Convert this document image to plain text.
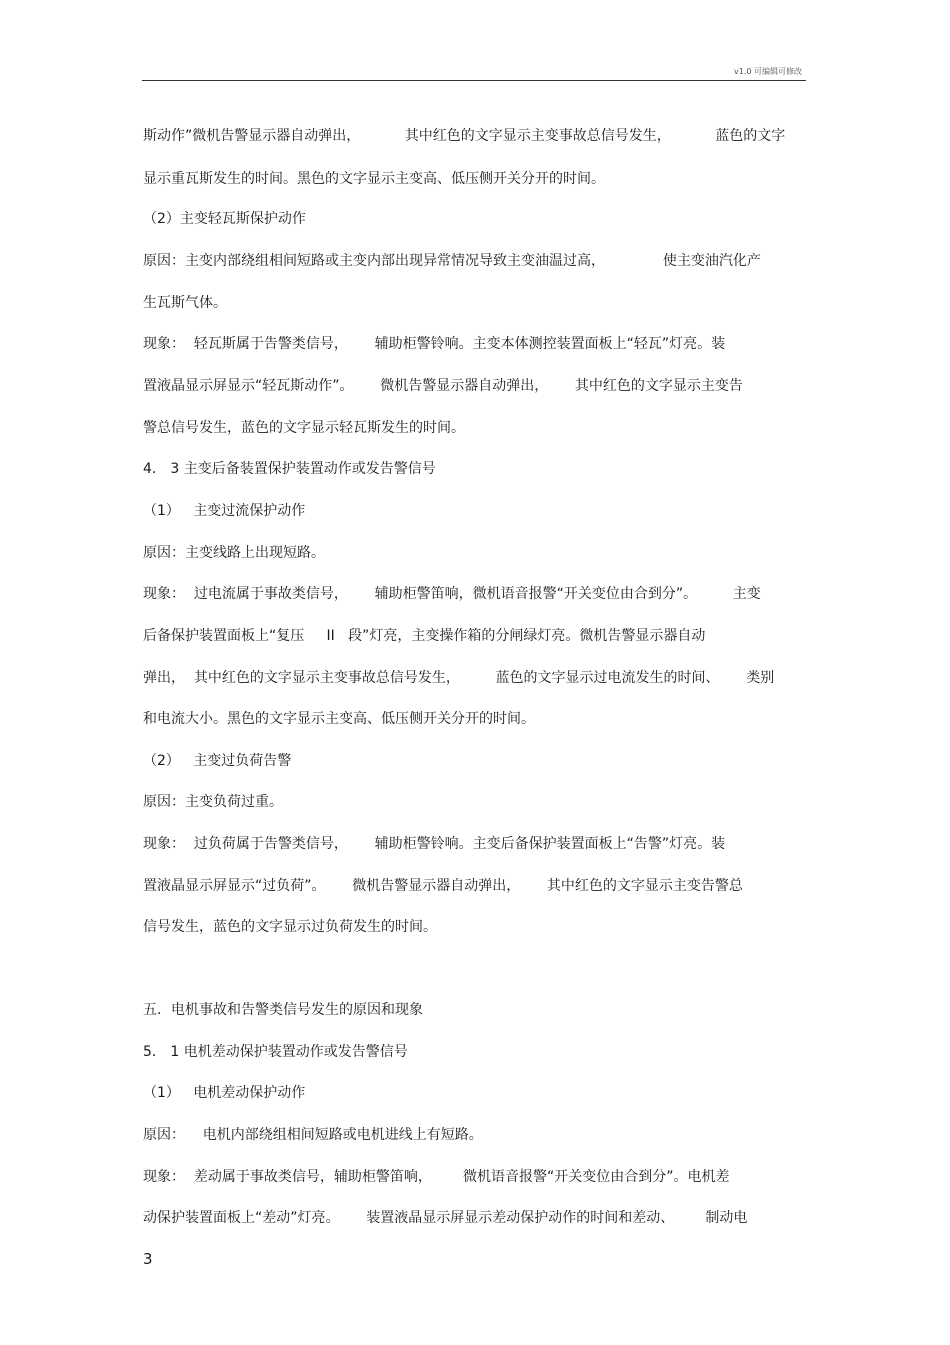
v1.0 可编辑可修改
斯动作”微机告警显示器自动弹出，          其中红色的文字显示主变事故总信号发生，          蓝色的文字
显示重瓦斯发生的时间。黑色的文字显示主变高、低压侧开关分开的时间。
（2）主变轻瓦斯保护动作
原因：主变内部绕组相间短路或主变内部出现异常情况导致主变油温过高，             使主变油汽化产
生瓦斯气体。
现象：  轻瓦斯属于告警类信号，      辅助柜警铃响。主变本体测控装置面板上“轻瓦”灯亮。装
置液晶显示屏显示“轻瓦斯动作”。      微机告警显示器自动弹出，      其中红色的文字显示主变告
警总信号发生，蓝色的文字显示轻瓦斯发生的时间。
4． 3 主变后备装置保护装置动作或发告警信号
（1）   主变过流保护动作
原因：主变线路上出现短路。
现象：  过电流属于事故类信号，      辅助柜警笛响，微机语音报警“开关变位由合到分”。        主变
后备保护装置面板上“复压     II   段”灯亮，主变操作箱的分闸绿灯亮。微机告警显示器自动
弹出，  其中红色的文字显示主变事故总信号发生，        蓝色的文字显示过电流发生的时间、      类别
和电流大小。黑色的文字显示主变高、低压侧开关分开的时间。
（2）   主变过负荷告警
原因：主变负荷过重。
现象：  过负荷属于告警类信号，      辅助柜警铃响。主变后备保护装置面板上“告警”灯亮。装
置液晶显示屏显示“过负荷”。      微机告警显示器自动弹出，      其中红色的文字显示主变告警总
信号发生，蓝色的文字显示过负荷发生的时间。
五．电机事故和告警类信号发生的原因和现象
5． 1 电机差动保护装置动作或发告警信号
（1）   电机差动保护动作
原因：    电机内部绕组相间短路或电机进线上有短路。
现象：  差动属于事故类信号，辅助柜警笛响，       微机语音报警“开关变位由合到分”。电机差
动保护装置面板上“差动”灯亮。      装置液晶显示屏显示差动保护动作的时间和差动、       制动电
3
